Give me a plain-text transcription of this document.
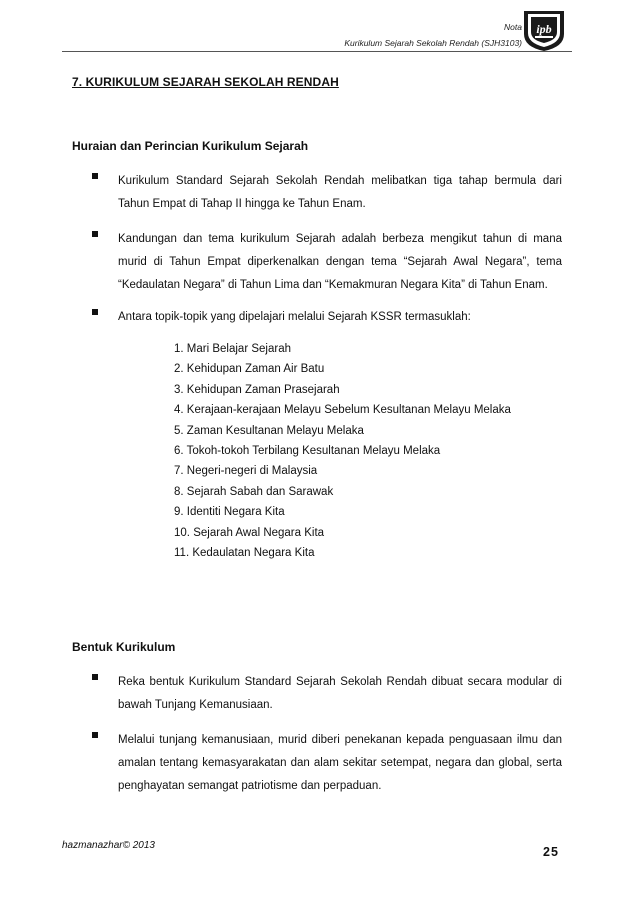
Nota
Kurikulum Sejarah Sekolah Rendah (SJH3103)
ipb
7. KURIKULUM SEJARAH SEKOLAH RENDAH
Huraian dan Perincian Kurikulum Sejarah
Kurikulum Standard Sejarah Sekolah Rendah melibatkan tiga tahap bermula dari Tahun Empat di Tahap II hingga ke Tahun Enam.
Kandungan dan tema kurikulum Sejarah adalah berbeza mengikut tahun di mana murid di Tahun Empat diperkenalkan dengan tema “Sejarah Awal Negara”, tema “Kedaulatan Negara” di Tahun Lima dan “Kemakmuran Negara Kita” di Tahun Enam.
Antara topik-topik yang dipelajari melalui Sejarah KSSR termasuklah:
1. Mari Belajar Sejarah
2. Kehidupan Zaman Air Batu
3. Kehidupan Zaman Prasejarah
4. Kerajaan-kerajaan Melayu Sebelum Kesultanan Melayu Melaka
5. Zaman Kesultanan Melayu Melaka
6. Tokoh-tokoh Terbilang Kesultanan Melayu Melaka
7. Negeri-negeri di Malaysia
8. Sejarah Sabah dan Sarawak
9. Identiti Negara Kita
10. Sejarah Awal Negara Kita
11. Kedaulatan Negara Kita
Bentuk Kurikulum
Reka bentuk Kurikulum Standard Sejarah Sekolah Rendah dibuat secara modular di bawah Tunjang Kemanusiaan.
Melalui tunjang kemanusiaan, murid diberi penekanan kepada penguasaan ilmu dan amalan tentang kemasyarakatan dan alam sekitar setempat, negara dan global, serta penghayatan semangat patriotisme dan perpaduan.
hazmanazhar© 2013	25
